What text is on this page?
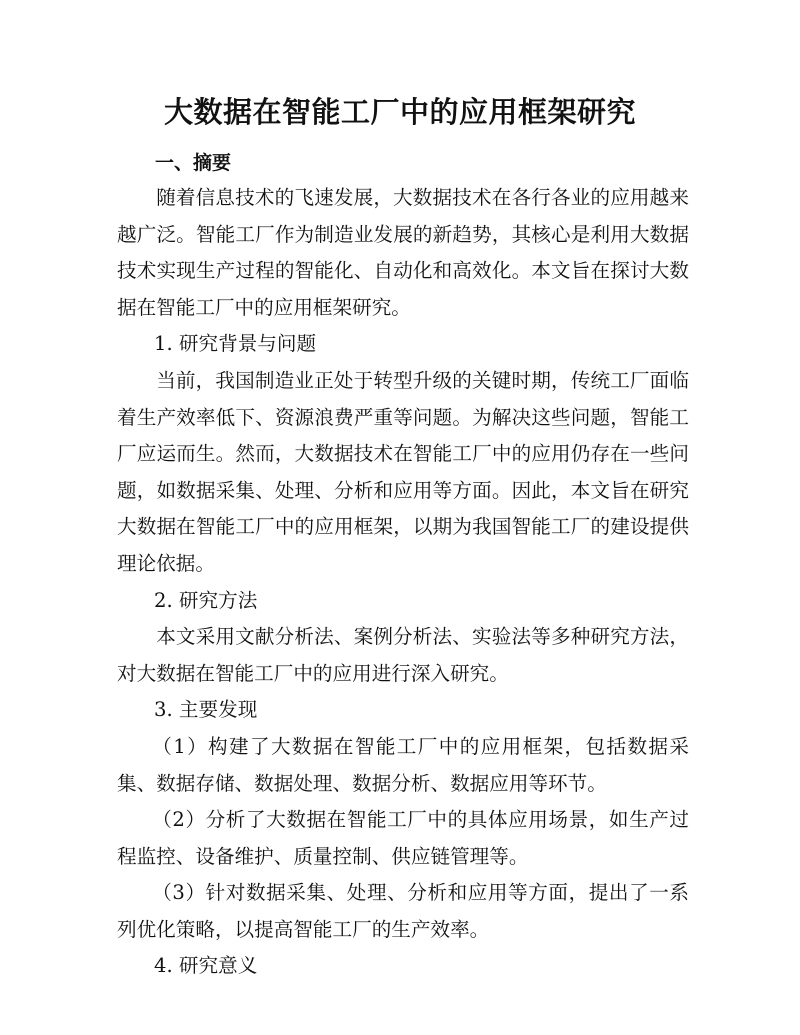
大数据在智能工厂中的应用框架研究
一、摘要

随着信息技术的飞速发展，大数据技术在各行各业的应用越来越广泛。智能工厂作为制造业发展的新趋势，其核心是利用大数据技术实现生产过程的智能化、自动化和高效化。本文旨在探讨大数据在智能工厂中的应用框架研究。

1. 研究背景与问题

当前，我国制造业正处于转型升级的关键时期，传统工厂面临着生产效率低下、资源浪费严重等问题。为解决这些问题，智能工厂应运而生。然而，大数据技术在智能工厂中的应用仍存在一些问题，如数据采集、处理、分析和应用等方面。因此，本文旨在研究大数据在智能工厂中的应用框架，以期为我国智能工厂的建设提供理论依据。

2. 研究方法

本文采用文献分析法、案例分析法、实验法等多种研究方法，对大数据在智能工厂中的应用进行深入研究。

3. 主要发现

（1）构建了大数据在智能工厂中的应用框架，包括数据采集、数据存储、数据处理、数据分析、数据应用等环节。

（2）分析了大数据在智能工厂中的具体应用场景，如生产过程监控、设备维护、质量控制、供应链管理等。

（3）针对数据采集、处理、分析和应用等方面，提出了一系列优化策略，以提高智能工厂的生产效率。

4. 研究意义
